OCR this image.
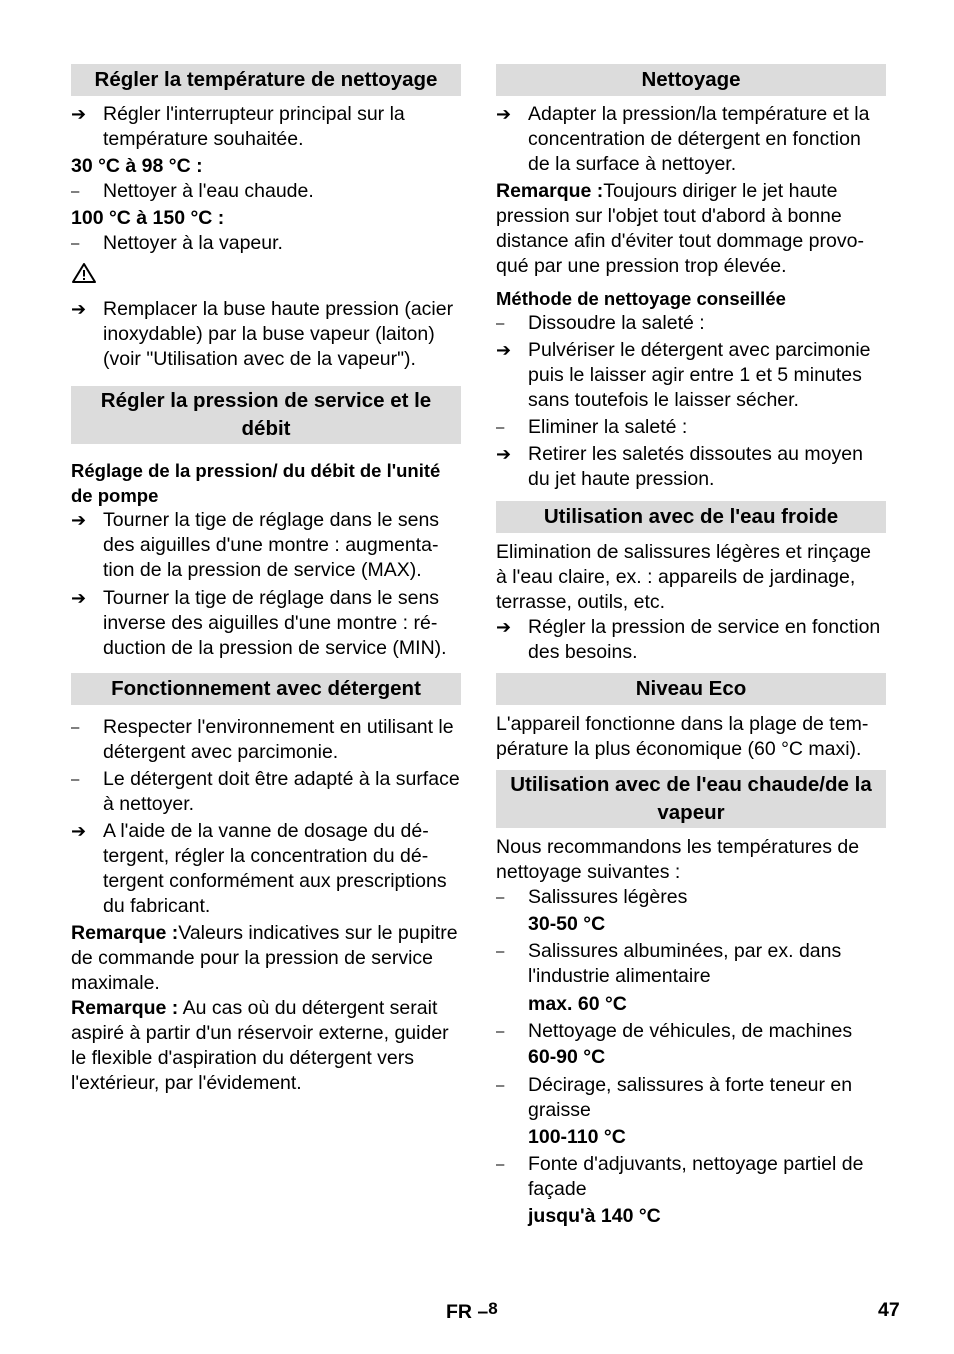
Régler la température de nettoyage
➔ Régler l'interrupteur principal sur la température souhaitée.
30 °C à 98 °C :
–	Nettoyer à l'eau chaude.
100 °C à 150 °C :
–	Nettoyer à la vapeur.
➔ Remplacer la buse haute pression (acier inoxydable) par la buse vapeur (laiton) (voir "Utilisation avec de la vapeur").
Régler la pression de service et le débit
Réglage de la pression/ du débit de l'unité de pompe
➔ Tourner la tige de réglage dans le sens des aiguilles d'une montre : augmentation de la pression de service (MAX).
➔ Tourner la tige de réglage dans le sens inverse des aiguilles d'une montre : réduction de la pression de service (MIN).
Fonctionnement avec détergent
–	Respecter l'environnement en utilisant le détergent avec parcimonie.
–	Le détergent doit être adapté à la surface à nettoyer.
➔ A l'aide de la vanne de dosage du détergent, régler la concentration du détergent conformément aux prescriptions du fabricant.

Remarque :Valeurs indicatives sur le pupitre de commande pour la pression de service maximale.

Remarque : Au cas où du détergent serait aspiré à partir d'un réservoir externe, guider le flexible d'aspiration du détergent vers l'extérieur, par l'évidement.

Nettoyage
➔ Adapter la pression/la température et la concentration de détergent en fonction de la surface à nettoyer.

Remarque :Toujours diriger le jet haute pression sur l'objet tout d'abord à bonne distance afin d'éviter tout dommage provoqué par une pression trop élevée.

Méthode de nettoyage conseillée
–	Dissoudre la saleté :
➔ Pulvériser le détergent avec parcimonie puis le laisser agir entre 1 et 5 minutes sans toutefois le laisser sécher.
–	Eliminer la saleté :
➔ Retirer les saletés dissoutes au moyen du jet haute pression.
Utilisation avec de l'eau froide

Elimination de salissures légères et rinçage à l'eau claire, ex. : appareils de jardinage, terrasse, outils, etc.

➔ Régler la pression de service en fonction des besoins.
Niveau Eco

L'appareil fonctionne dans la plage de température la plus économique (60 °C maxi).

Utilisation avec de l'eau chaude/de la vapeur

Nous recommandons les températures de nettoyage suivantes :

–	Salissures légères
30-50 °C
–	Salissures albuminées, par ex. dans l'industrie alimentaire
max. 60 °C
–	Nettoyage de véhicules, de machines
60-90 °C
–	Décirage, salissures à forte teneur en graisse
100-110 °C
–	Fonte d'adjuvants, nettoyage partiel de façade
jusqu'à 140 °C
FR –$^8$	47
